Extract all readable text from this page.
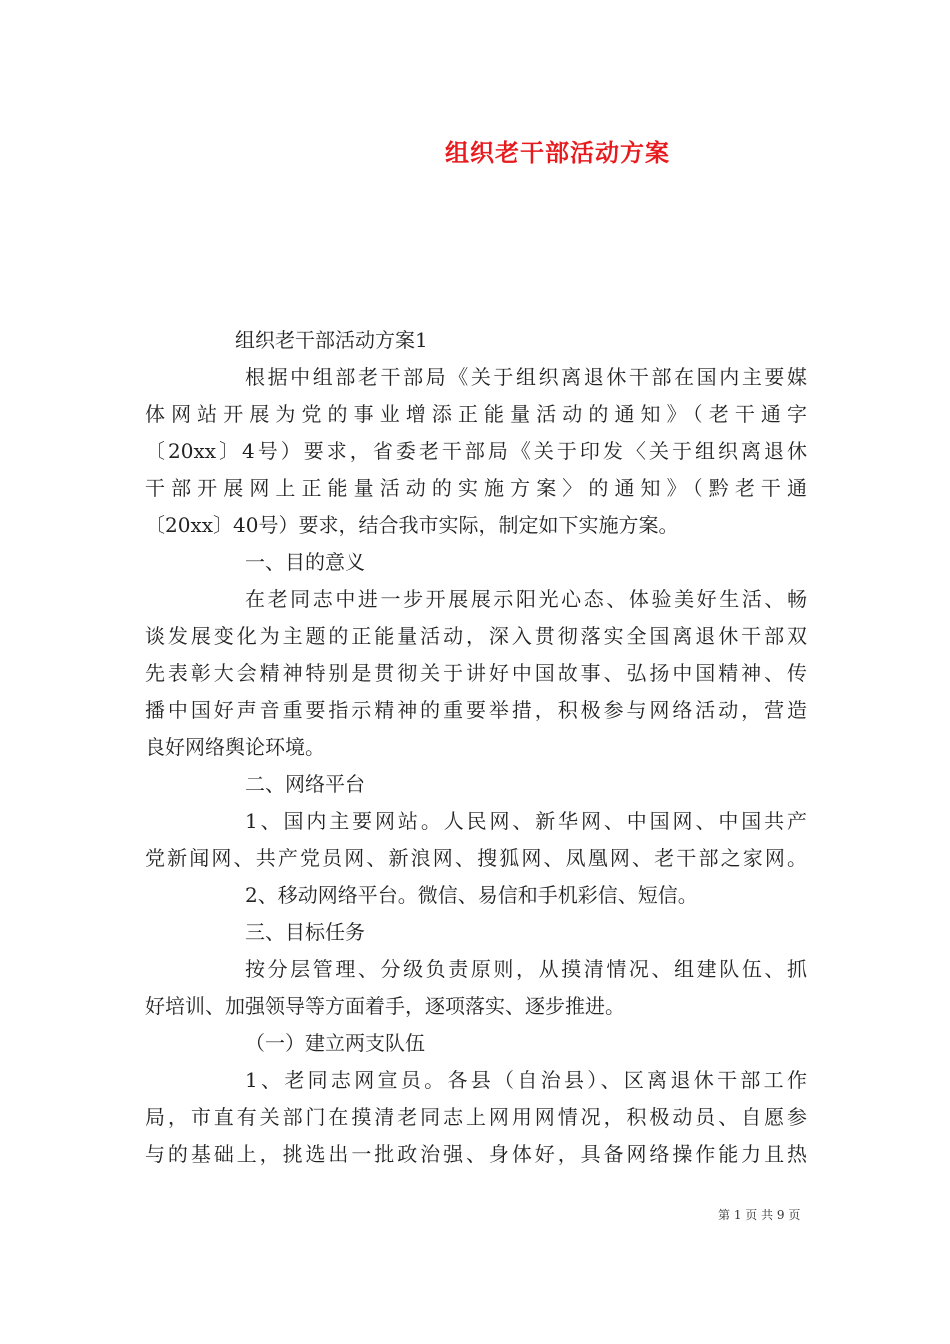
组织老干部活动方案
组织老干部活动方案1
根据中组部老干部局《关于组织离退休干部在国内主要媒
体网站开展为党的事业增添正能量活动的通知》（老干通字
〔20xx〕4号）要求，省委老干部局《关于印发〈关于组织离退休
干部开展网上正能量活动的实施方案〉的通知》（黔老干通
〔20xx〕40号）要求，结合我市实际，制定如下实施方案。
一、目的意义
在老同志中进一步开展展示阳光心态、体验美好生活、畅
谈发展变化为主题的正能量活动，深入贯彻落实全国离退休干部双
先表彰大会精神特别是贯彻关于讲好中国故事、弘扬中国精神、传
播中国好声音重要指示精神的重要举措，积极参与网络活动，营造
良好网络舆论环境。
二、网络平台
1、国内主要网站。人民网、新华网、中国网、中国共产
党新闻网、共产党员网、新浪网、搜狐网、凤凰网、老干部之家网。
2、移动网络平台。微信、易信和手机彩信、短信。
三、目标任务
按分层管理、分级负责原则，从摸清情况、组建队伍、抓
好培训、加强领导等方面着手，逐项落实、逐步推进。
（一）建立两支队伍
1、老同志网宣员。各县（自治县）、区离退休干部工作
局，市直有关部门在摸清老同志上网用网情况，积极动员、自愿参
与的基础上，挑选出一批政治强、身体好，具备网络操作能力且热
第 1 页 共 9 页
